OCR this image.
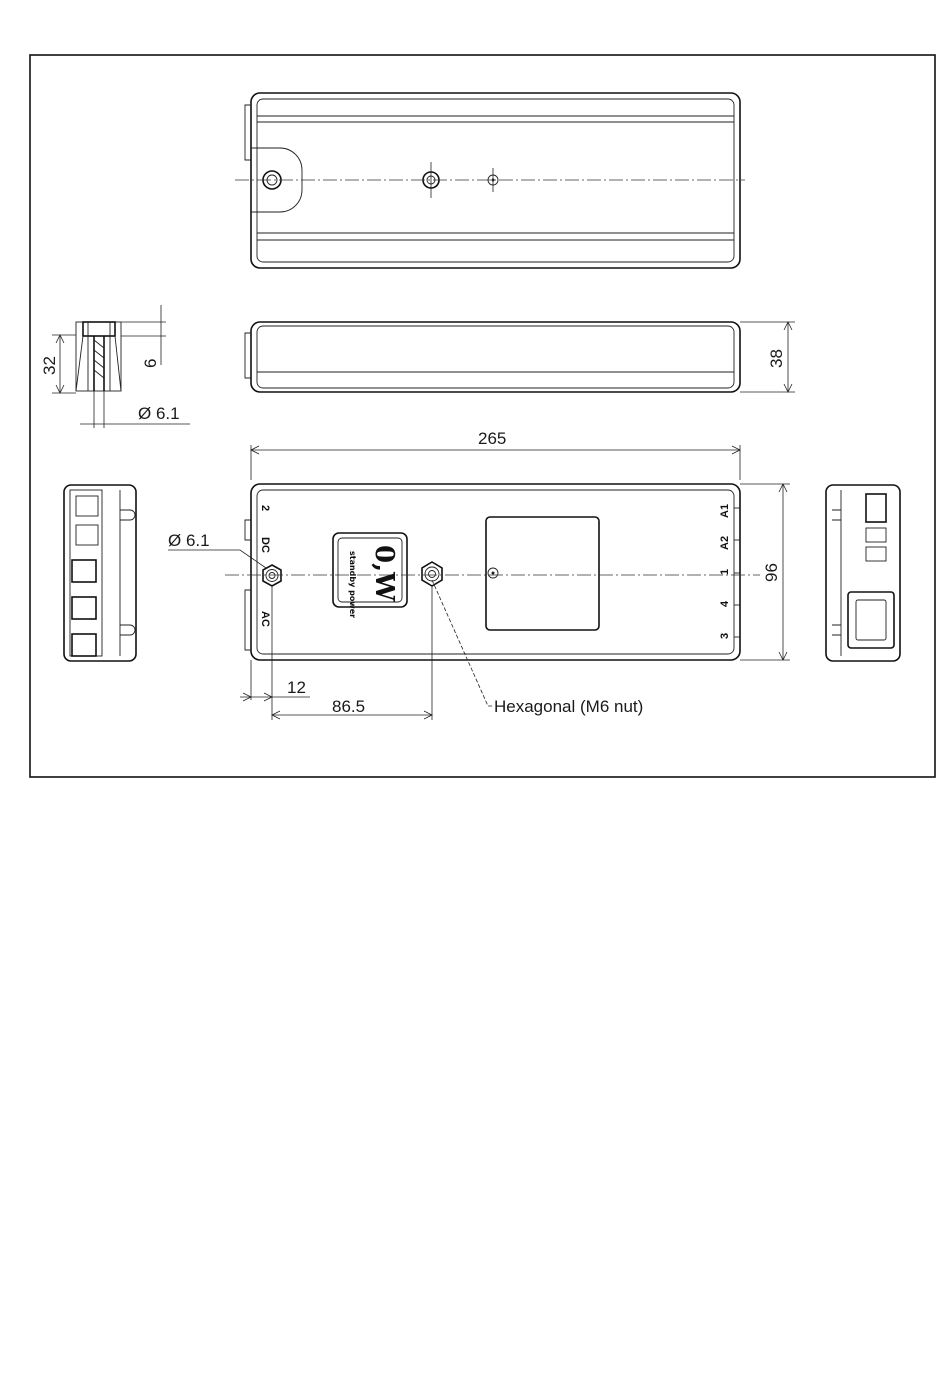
265
96
38
32	6
Ø 6.1
Ø 6.1
12
86.5	Hexagonal (M6 nut)
2
DC
AC
A1
A2
1
4
3
0,W
standby power
